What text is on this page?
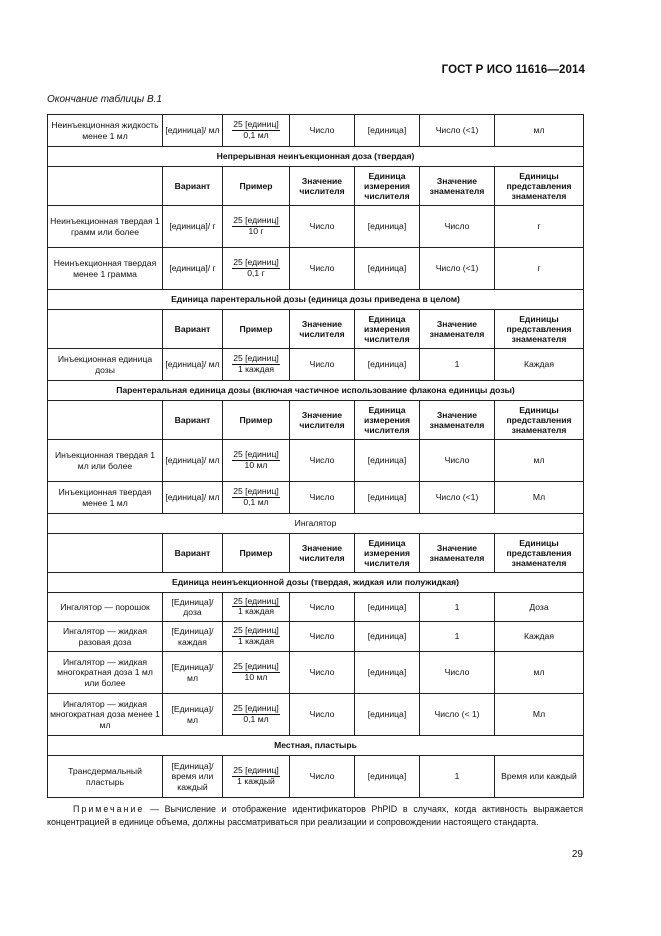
ГОСТ Р ИСО 11616—2014
Окончание таблицы В.1
Неинъекционная жидкость менее 1 мл	[единица]/ мл	$\frac{\text{25 [единиц]}}{0,1 мл}$	Число	[единица]	Число (<1)	мл
Непрерывная неинъекционная доза (твердая)						
	Вариант	Пример	Значение числителя	Единица измерения числителя	Значение знаменателя	Единицы представления знаменателя
Неинъекционная твердая 1 грамм или более	[единица]/ г	$\frac{\text{25 [единиц]}}{10 г}$	Число	[единица]	Число	г
Неинъекционная твердая менее 1 грамма	[единица]/ г	$\frac{\text{25 [единиц]}}{0,1 г}$	Число	[единица]	Число (<1)	г
Единица парентеральной дозы (единица дозы приведена в целом)						
	Вариант	Пример	Значение числителя	Единица измерения числителя	Значение знаменателя	Единицы представления знаменателя
Инъекционная единица дозы	[единица]/ мл	$\frac{\text{25 [единиц]}}{\text{1 каждая}}$	Число	[единица]	1	Каждая
Парентеральная единица дозы (включая частичное использование флакона единицы дозы)						
	Вариант	Пример	Значение числителя	Единица измерения числителя	Значение знаменателя	Единицы представления знаменателя
Инъекционная твердая 1 мл или более	[единица]/ мл	$\frac{\text{25 [единиц]}}{10 мл}$	Число	[единица]	Число	мл
Инъекционная твердая менее 1 мл	[единица]/ мл	$\frac{\text{25 [единиц]}}{0,1 мл}$	Число	[единица]	Число (<1)	Мл
Ингалятор						
	Вариант	Пример	Значение числителя	Единица измерения числителя	Значение знаменателя	Единицы представления знаменателя
Единица неинъекционной дозы (твердая, жидкая или полужидкая)						
Ингалятор — порошок	[Единица]/ доза	$\frac{\text{25 [единиц]}}{\text{1 каждая}}$	Число	[единица]	1	Доза
Ингалятор — жидкая разовая доза	[Единица]/ каждая	$\frac{\text{25 [единиц]}}{\text{1 каждая}}$	Число	[единица]	1	Каждая
Ингалятор — жидкая многократная доза 1 мл или более	[Единица]/ мл	$\frac{\text{25 [единиц]}}{10 мл}$	Число	[единица]	Число	мл
Ингалятор — жидкая многократная доза менее 1 мл	[Единица]/ мл	$\frac{\text{25 [единиц]}}{0,1 мл}$	Число	[единица]	Число (< 1)	Мл
Местная, пластырь						
Трансдермальный пластырь	[Единица]/ время или каждый	$\frac{\text{25 [единиц]}}{\text{1 каждый}}$	Число	[единица]	1	Время или каждый
Примечание — Вычисление и отображение идентификаторов PhPID в случаях, когда активность выражается концентрацией в единице объема, должны рассматриваться при реализации и сопровождении настоящего стандарта.
29
